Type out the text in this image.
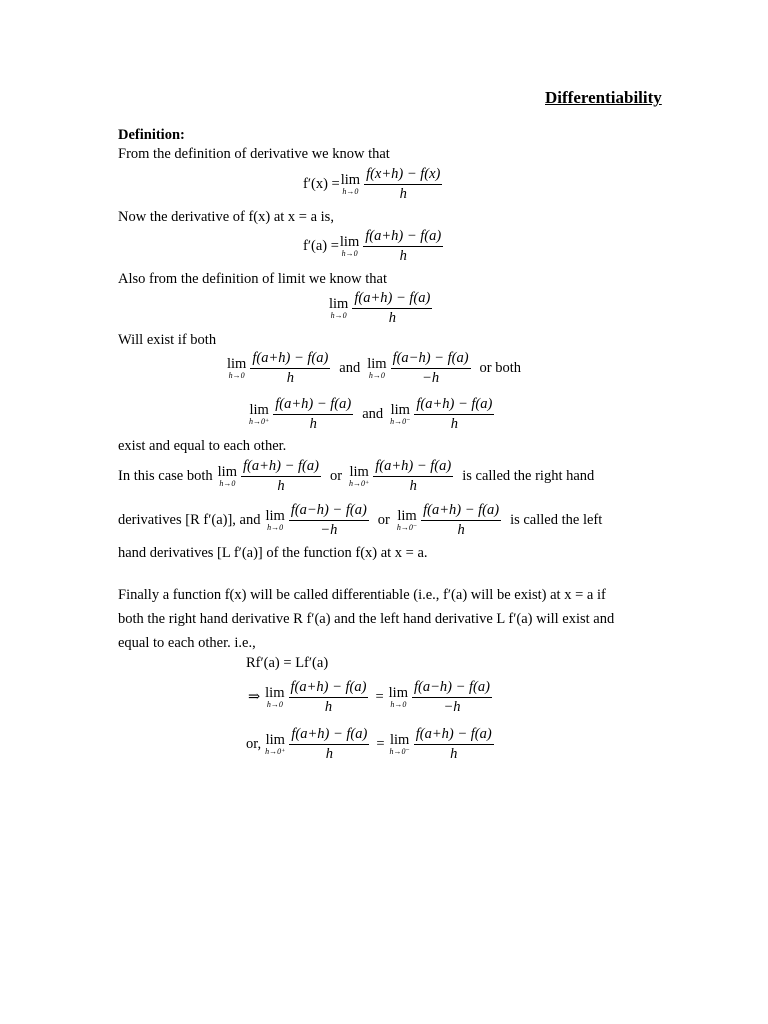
Differentiability
Definition:
From the definition of derivative we know that
f′(x) = lim
$h\to 0 \frac{f(x+h) - f(x)}{h}$
Now the derivative of f(x) at x = a is,
f′(a) = lim
$h\to 0 \frac{f(a+h) - f(a)}{h}$
Also from the definition of limit we know that
lim
$h\to 0 \frac{f(a+h) - f(a)}{h}$
Will exist if both
lim
$h\to 0 \frac{f(a+h) - f(a)}{h}$ and lim
$h\to 0 \frac{f(a-h) - f(a)}{-h}$ or both
lim
$h\to 0^+ \frac{f(a+h) - f(a)}{h}$ and lim
$h\to 0^- \frac{f(a+h) - f(a)}{h}$
exist and equal to each other.
In this case both lim
$h\to 0 \frac{f(a+h) - f(a)}{h}$ or lim
$h\to 0^+ \frac{f(a+h) - f(a)}{h}$ is called the right hand
derivatives [R f′(a)], and lim
$h\to 0 \frac{f(a-h) - f(a)}{-h}$ or lim
$h\to 0^- \frac{f(a+h) - f(a)}{h}$ is called the left
hand derivatives [L f′(a)] of the function f(x) at x = a.
Finally a function f(x) will be called differentiable (i.e., f′(a) will be exist) at x = a if
both the right hand derivative R f′(a) and the left hand derivative L f′(a) will exist and
equal to each other. i.e.,
Rf′(a) = Lf′(a)
⇒ lim
$h\to 0 \frac{f(a+h) - f(a)}{h} = \lim$
$h\to 0 \frac{f(a-h) - f(a)}{-h}$
or, lim
$h\to 0^+ \frac{f(a+h) - f(a)}{h} = \lim$
$h\to 0^- \frac{f(a+h) - f(a)}{h}$
